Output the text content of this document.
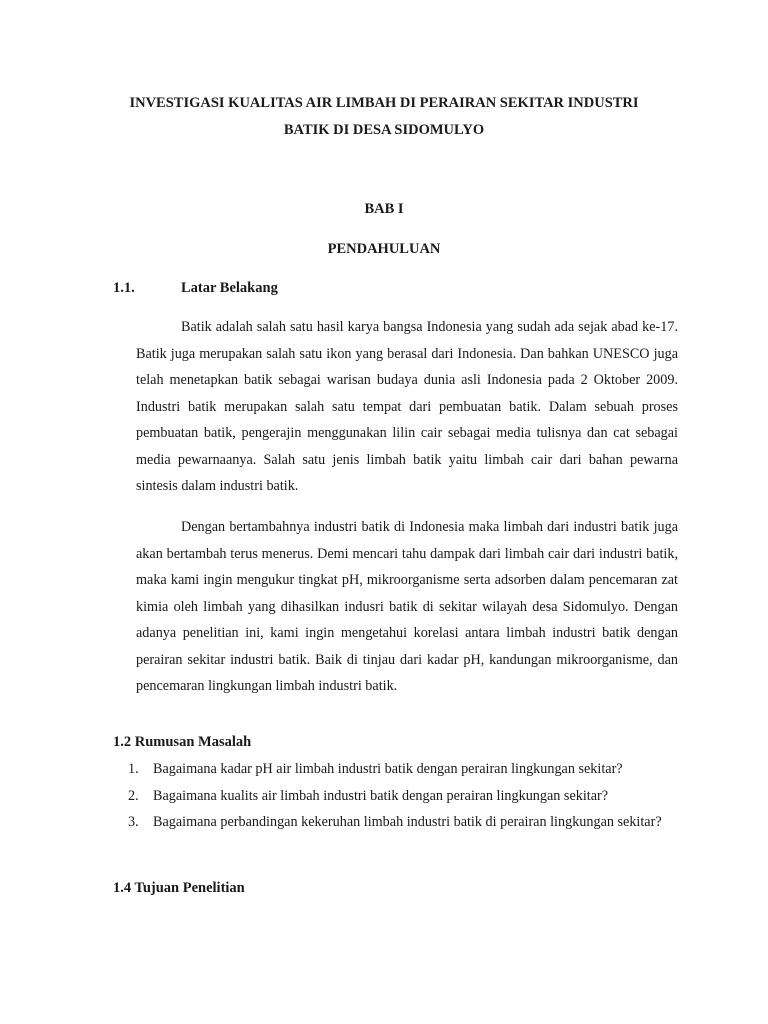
INVESTIGASI KUALITAS AIR LIMBAH DI PERAIRAN SEKITAR INDUSTRI
BATIK DI DESA SIDOMULYO
BAB I
PENDAHULUAN
1.1.	Latar Belakang

Batik adalah salah satu hasil karya bangsa Indonesia yang sudah ada sejak abad ke-17. Batik juga merupakan salah satu ikon yang berasal dari Indonesia. Dan bahkan UNESCO juga telah menetapkan batik sebagai warisan budaya dunia asli Indonesia pada 2 Oktober 2009. Industri batik merupakan salah satu tempat dari pembuatan batik. Dalam sebuah proses pembuatan batik, pengerajin menggunakan lilin cair sebagai media tulisnya dan cat sebagai media pewarnaanya. Salah satu jenis limbah batik yaitu limbah cair dari bahan pewarna sintesis dalam industri batik.

Dengan bertambahnya industri batik di Indonesia maka limbah dari industri batik juga akan bertambah terus menerus. Demi mencari tahu dampak dari limbah cair dari industri batik, maka kami ingin mengukur tingkat pH, mikroorganisme serta adsorben dalam pencemaran zat kimia oleh limbah yang dihasilkan indusri batik di sekitar wilayah desa Sidomulyo. Dengan adanya penelitian ini, kami ingin mengetahui korelasi antara limbah industri batik dengan perairan sekitar industri batik. Baik di tinjau dari kadar pH, kandungan mikroorganisme, dan pencemaran lingkungan limbah industri batik.

1.2 Rumusan Masalah
1. Bagaimana kadar pH air limbah industri batik dengan perairan lingkungan sekitar?
2. Bagaimana kualits air limbah industri batik dengan perairan lingkungan sekitar?
3. Bagaimana perbandingan kekeruhan limbah industri batik di perairan lingkungan sekitar?
1.4 Tujuan Penelitian
